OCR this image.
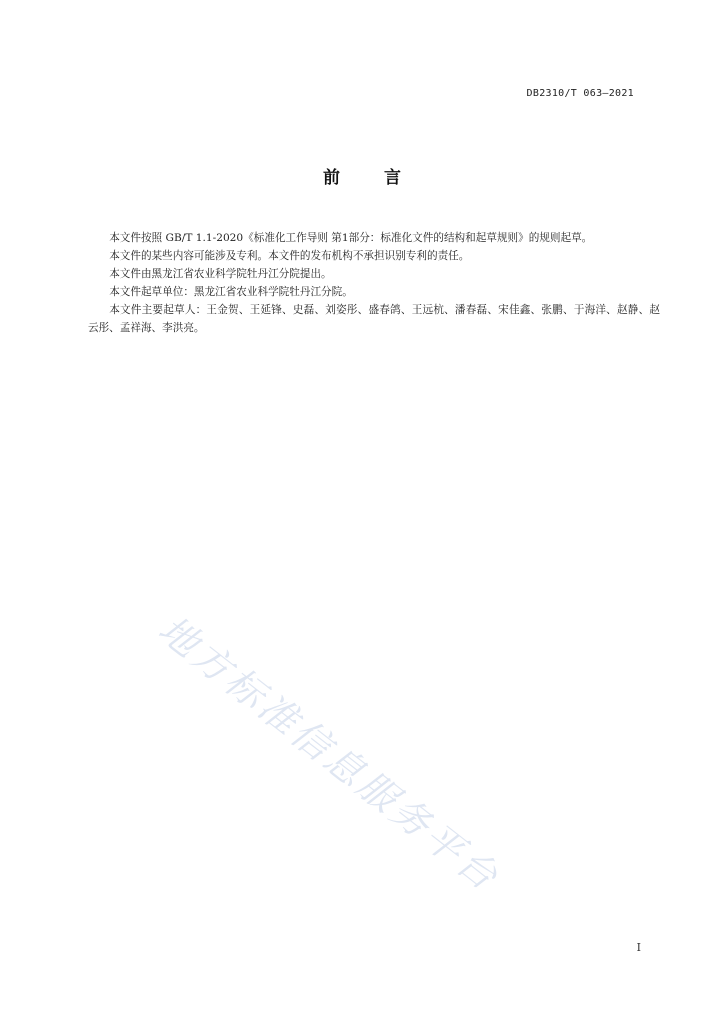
DB2310/T 063—2021
前	言

本文件按照 GB/T 1.1-2020《标准化工作导则 第1部分：标准化文件的结构和起草规则》的规则起草。

本文件的某些内容可能涉及专利。本文件的发布机构不承担识别专利的责任。

本文件由黑龙江省农业科学院牡丹江分院提出。

本文件起草单位：黑龙江省农业科学院牡丹江分院。

本文件主要起草人：王金贺、王延锋、史磊、刘姿彤、盛春鸽、王远杭、潘春磊、宋佳鑫、张鹏、于海洋、赵静、赵云彤、孟祥海、李洪亮。

地方标准信息服务平台
I
